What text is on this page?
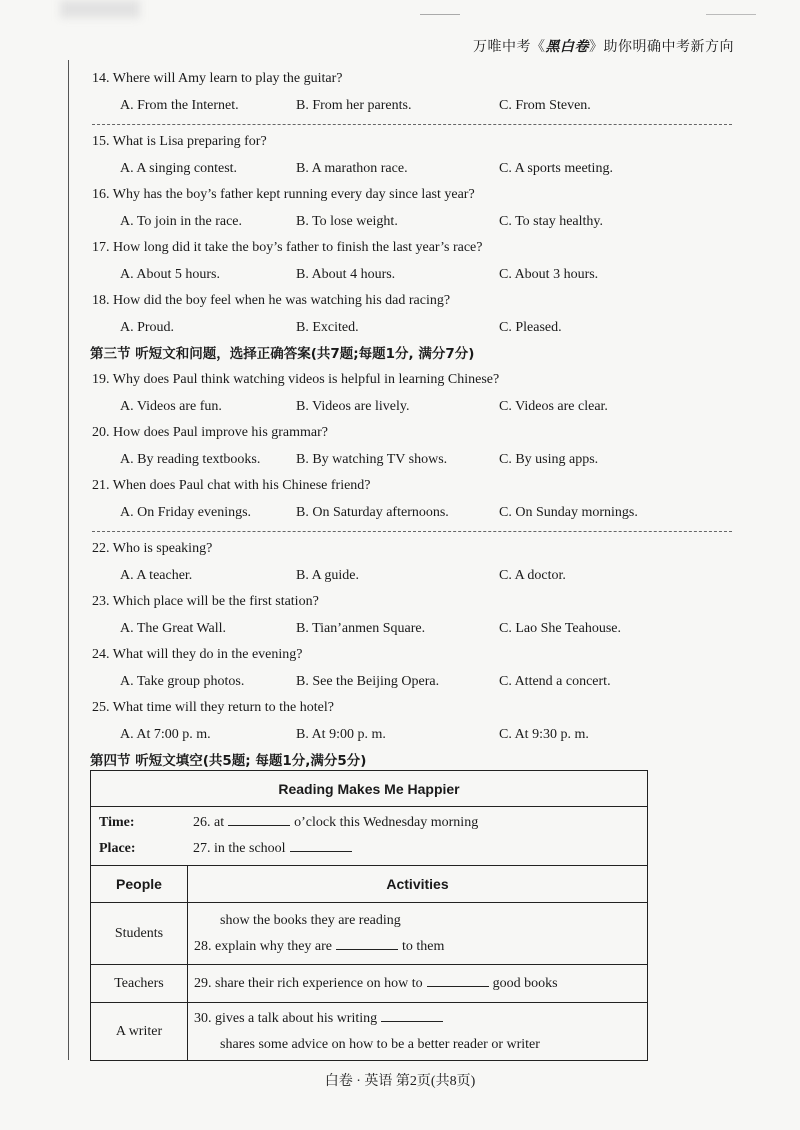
万唯中考《黑白卷》助你明确中考新方向
14. Where will Amy learn to play the guitar?
A. From the Internet.	B. From her parents.	C. From Steven.
15. What is Lisa preparing for?
A. A singing contest.	B. A marathon race.	C. A sports meeting.
16. Why has the boy’s father kept running every day since last year?
A. To join in the race.	B. To lose weight.	C. To stay healthy.
17. How long did it take the boy’s father to finish the last year’s race?
A. About 5 hours.	B. About 4 hours.	C. About 3 hours.
18. How did the boy feel when he was watching his dad racing?
A. Proud.	B. Excited.	C. Pleased.
第三节 听短文和问题，选择正确答案(共7题;每题1分, 满分7分)
19. Why does Paul think watching videos is helpful in learning Chinese?
A. Videos are fun.	B. Videos are lively.	C. Videos are clear.
20. How does Paul improve his grammar?
A. By reading textbooks.	B. By watching TV shows.	C. By using apps.
21. When does Paul chat with his Chinese friend?
A. On Friday evenings.	B. On Saturday afternoons.	C. On Sunday mornings.
22. Who is speaking?
A. A teacher.	B. A guide.	C. A doctor.
23. Which place will be the first station?
A. The Great Wall.	B. Tian’anmen Square.	C. Lao She Teahouse.
24. What will they do in the evening?
A. Take group photos.	B. See the Beijing Opera.	C. Attend a concert.
25. What time will they return to the hotel?
A. At 7:00 p. m.	B. At 9:00 p. m.	C. At 9:30 p. m.
第四节 听短文填空(共5题; 每题1分,满分5分)
Reading Makes Me Happier	

Time: 26. at o’clock this Wednesday morning
Place: 27. in the school	

People	Activities
Students	show the books they are reading
28. explain why they are to them

Teachers	29. share their rich experience on how to good books

A writer	30. gives a talk about his writing
shares some advice on how to be a better reader or writer
白卷 · 英语 第2页(共8页)
